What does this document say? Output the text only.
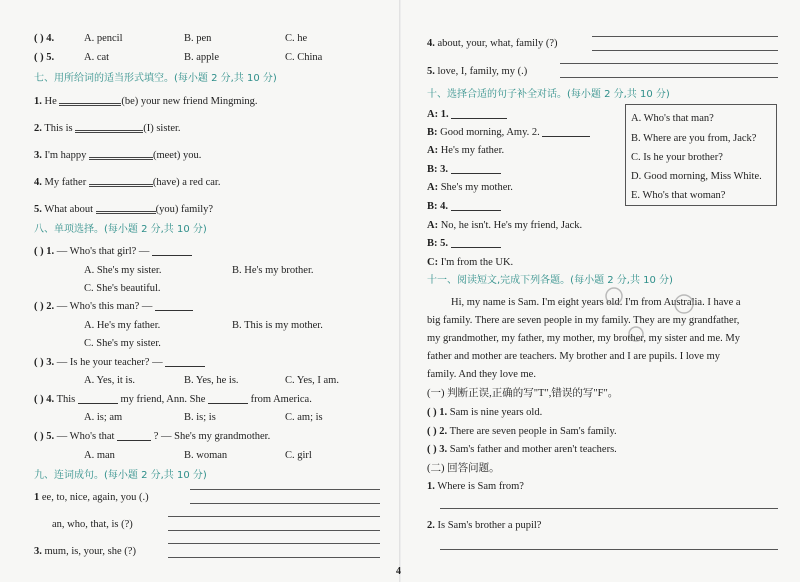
( ) 4.	A. pencil	B. pen	C. he
( ) 5.	A. cat	B. apple	C. China
七、用所给词的适当形式填空。(每小题 2 分,共 10 分)
1. He	(be) your new friend Mingming.
2. This is	(I) sister.
3. I'm happy	(meet) you.
4. My father	(have) a red car.
5. What about	(you) family?
八、单项选择。(每小题 2 分,共 10 分)
( ) 1. — Who's that girl? —
A. She's my sister.	B. He's my brother.
C. She's beautiful.
( ) 2. — Who's this man? —
A. He's my father.	B. This is my mother.
C. She's my sister.
( ) 3. — Is he your teacher? —
A. Yes, it is.	B. Yes, he is.	C. Yes, I am.
( ) 4. This	my friend, Ann. She	from America.
A. is; am	B. is; is	C. am; is
( ) 5. — Who's that	? — She's my grandmother.
A. man	B. woman	C. girl
九、连词成句。(每小题 2 分,共 10 分)
1 ee, to, nice, again, you (.)
an, who, that, is (?)
3. mum, is, your, she (?)
4
4. about, your, what, family (?)
5. love, I, family, my (.)
十、选择合适的句子补全对话。(每小题 2 分,共 10 分)
A: 1.
B: Good morning, Amy. 2.
A: He's my father.
B: 3.
A: She's my mother.
B: 4.
A: No, he isn't. He's my friend, Jack.
B: 5.
C: I'm from the UK.
A. Who's that man?
B. Where are you from, Jack?
C. Is he your brother?
D. Good morning, Miss White.
E. Who's that woman?
十一、阅读短文,完成下列各题。(每小题 2 分,共 10 分)
Hi, my name is Sam. I'm eight years old. I'm from Australia. I have a
big family. There are seven people in my family. They are my grandfather,
my grandmother, my father, my mother, my brother, my sister and me. My
father and mother are teachers. My brother and I are pupils. I love my
family. And they love me.
(一) 判断正误,正确的写"T",错误的写"F"。
( ) 1. Sam is nine years old.
( ) 2. There are seven people in Sam's family.
( ) 3. Sam's father and mother aren't teachers.
(二) 回答问题。
1. Where is Sam from?
2. Is Sam's brother a pupil?
